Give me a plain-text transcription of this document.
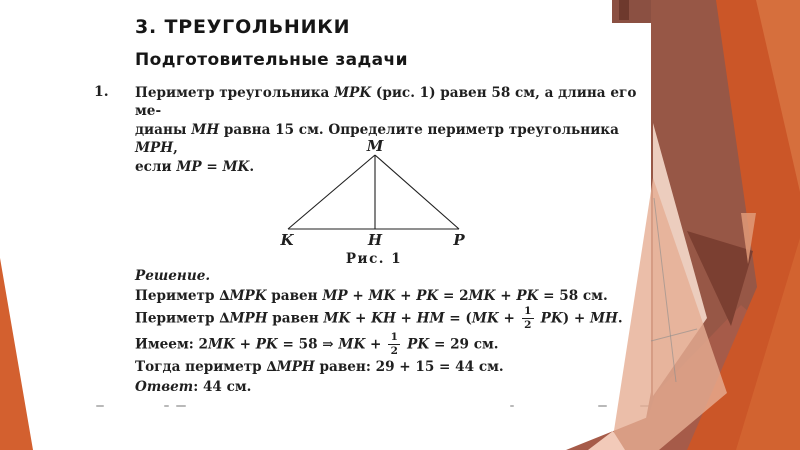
3. ТРЕУГОЛЬНИКИ
Подготовительные задачи
1. Периметр треугольника MPK (рис. 1) равен 58 см, а длина его ме-

дианы MH равна 15 см. Определите периметр треугольника MPH,

если MP = MK.

M
K	H	P
Рис. 1

Решение.

Периметр ∆MPK равен MP + MK + PK = 2MK + PK = 58 см.

Периметр ∆MPH равен MK + KH + HM = $(MK + \frac{1}{2} PK)$ + MH.

Имеем: 2MK + PK = 58 ⇒ MK + $\frac{1}{2}$ PK = 29 см.

Тогда периметр ∆MPH равен: 29 + 15 = 44 см.

Ответ: 44 см.
